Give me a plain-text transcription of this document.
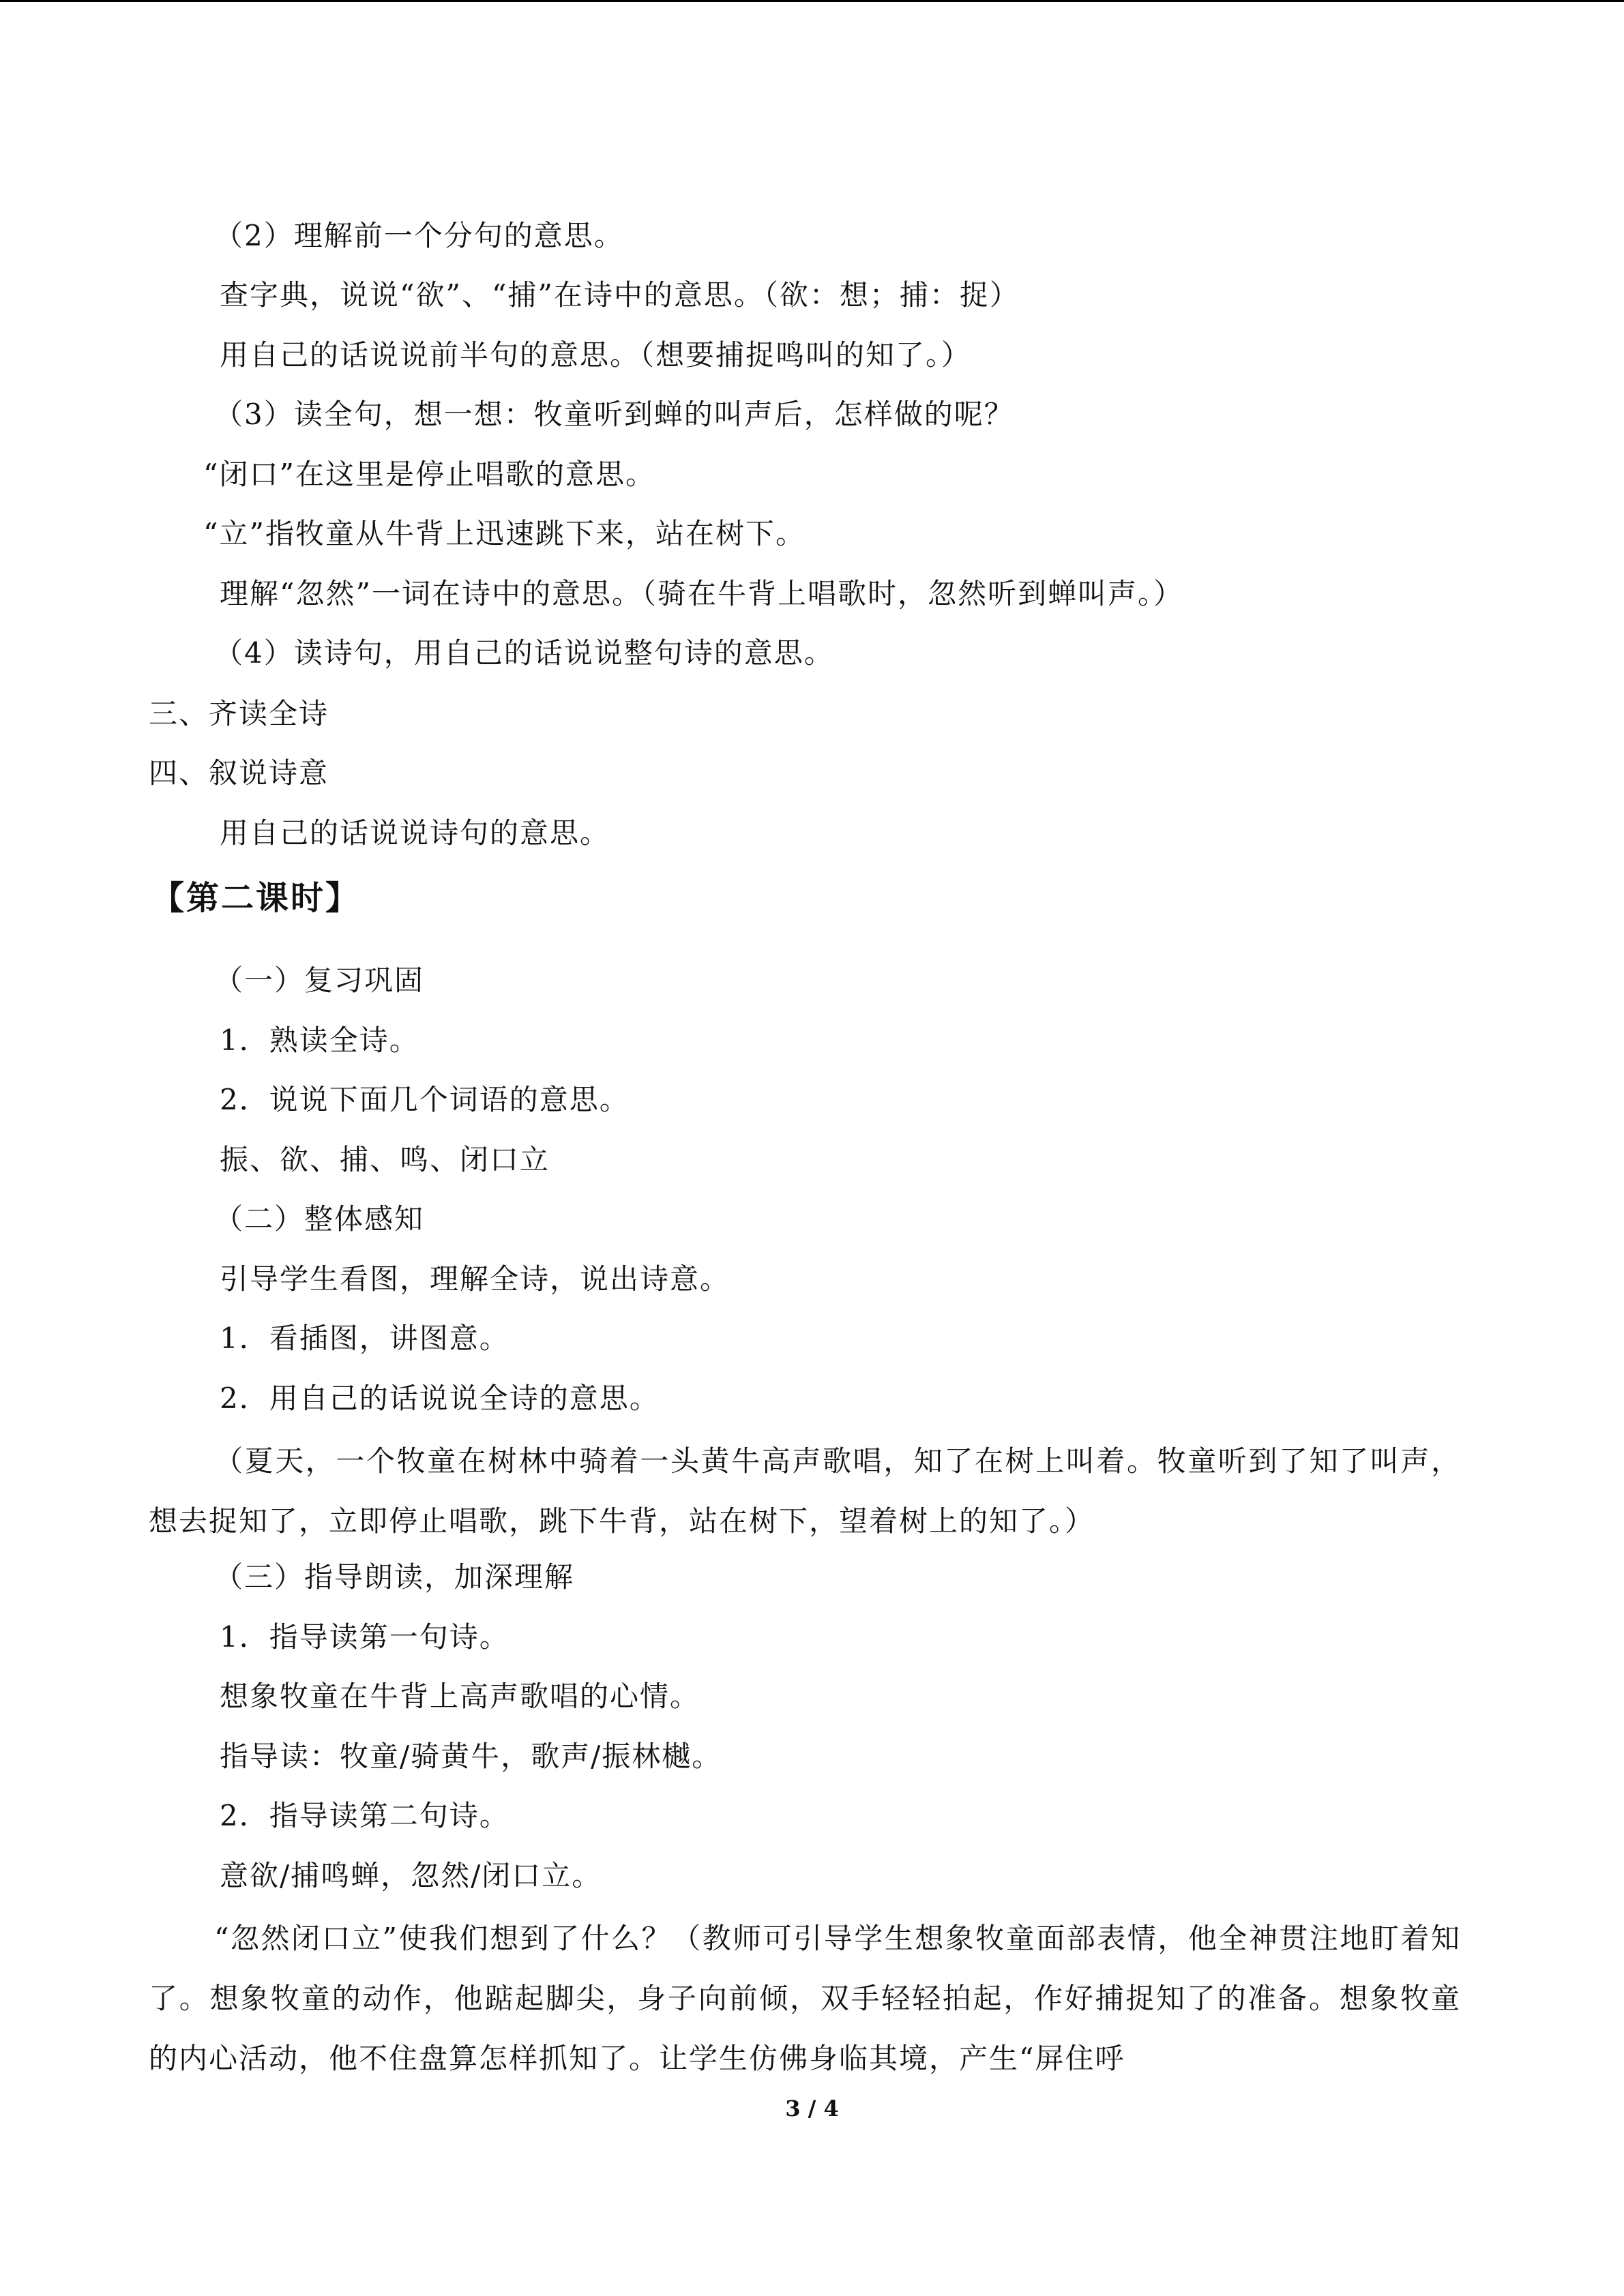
（2）理解前一个分句的意思。
查字典，说说“欲”、“捕”在诗中的意思。（欲：想；捕：捉）
用自己的话说说前半句的意思。（想要捕捉鸣叫的知了。）
（3）读全句，想一想：牧童听到蝉的叫声后，怎样做的呢？
“闭口”在这里是停止唱歌的意思。
“立”指牧童从牛背上迅速跳下来，站在树下。
理解“忽然”一词在诗中的意思。（骑在牛背上唱歌时，忽然听到蝉叫声。）
（4）读诗句，用自己的话说说整句诗的意思。
三、齐读全诗
四、叙说诗意
用自己的话说说诗句的意思。
【第二课时】
（一）复习巩固
1．熟读全诗。
2．说说下面几个词语的意思。
振、欲、捕、鸣、闭口立
（二）整体感知
引导学生看图，理解全诗，说出诗意。
1．看插图，讲图意。
2．用自己的话说说全诗的意思。
（夏天，一个牧童在树林中骑着一头黄牛高声歌唱，知了在树上叫着。牧童听到了知了叫声，想去捉知了，立即停止唱歌，跳下牛背，站在树下，望着树上的知了。）
（三）指导朗读，加深理解
1．指导读第一句诗。
想象牧童在牛背上高声歌唱的心情。
指导读：牧童/骑黄牛，歌声/振林樾。
2．指导读第二句诗。
意欲/捕鸣蝉，忽然/闭口立。
“忽然闭口立”使我们想到了什么？（教师可引导学生想象牧童面部表情，他全神贯注地盯着知了。想象牧童的动作，他踮起脚尖，身子向前倾，双手轻轻拍起，作好捕捉知了的准备。想象牧童的内心活动，他不住盘算怎样抓知了。让学生仿佛身临其境，产生“屏住呼
3 / 4
